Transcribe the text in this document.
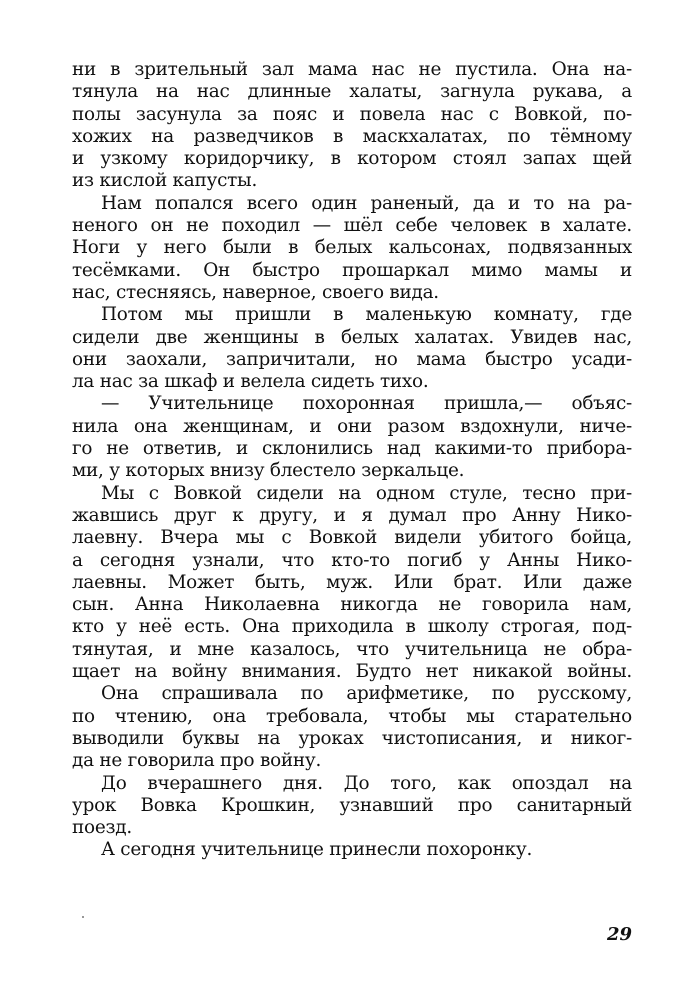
ни в зрительный зал мама нас не пустила. Она на-
тянула на нас длинные халаты, загнула рукава, а
полы засунула за пояс и повела нас с Вовкой, по-
хожих на разведчиков в маскхалатах, по тёмному
и узкому коридорчику, в котором стоял запах щей
из кислой капусты.
Нам попался всего один раненый, да и то на ра-
неного он не походил — шёл себе человек в халате.
Ноги у него были в белых кальсонах, подвязанных
тесёмками. Он быстро прошаркал мимо мамы и
нас, стесняясь, наверное, своего вида.
Потом мы пришли в маленькую комнату, где
сидели две женщины в белых халатах. Увидев нас,
они заохали, запричитали, но мама быстро усади-
ла нас за шкаф и велела сидеть тихо.
— Учительнице похоронная пришла,— объяс-
нила она женщинам, и они разом вздохнули, ниче-
го не ответив, и склонились над какими-то прибора-
ми, у которых внизу блестело зеркальце.
Мы с Вовкой сидели на одном стуле, тесно при-
жавшись друг к другу, и я думал про Анну Нико-
лаевну. Вчера мы с Вовкой видели убитого бойца,
а сегодня узнали, что кто-то погиб у Анны Нико-
лаевны. Может быть, муж. Или брат. Или даже
сын. Анна Николаевна никогда не говорила нам,
кто у неё есть. Она приходила в школу строгая, под-
тянутая, и мне казалось, что учительница не обра-
щает на войну внимания. Будто нет никакой войны.
Она спрашивала по арифметике, по русскому,
по чтению, она требовала, чтобы мы старательно
выводили буквы на уроках чистописания, и никог-
да не говорила про войну.
До вчерашнего дня. До того, как опоздал на
урок Вовка Крошкин, узнавший про санитарный
поезд.
А сегодня учительнице принесли похоронку.
29
